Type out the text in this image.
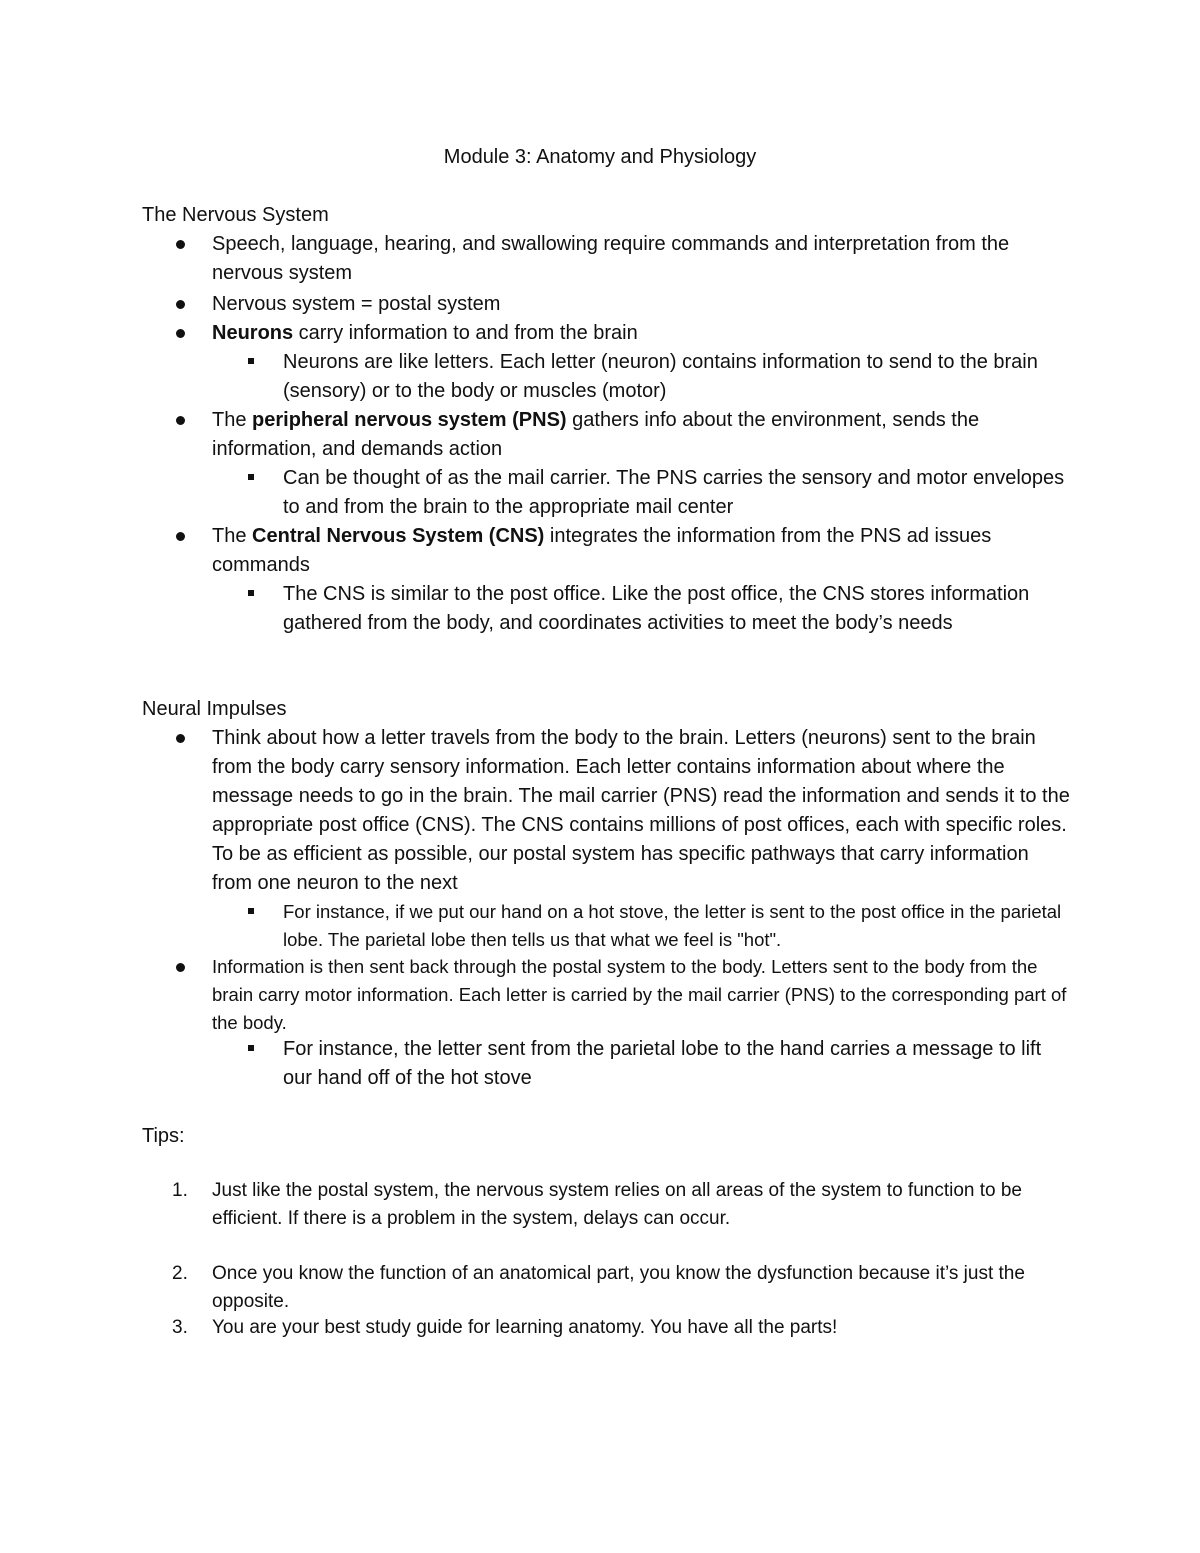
Module 3: Anatomy and Physiology
The Nervous System

Speech, language, hearing, and swallowing require commands and interpretation from the nervous system

Nervous system = postal system

Neurons carry information to and from the brain

Neurons are like letters. Each letter (neuron) contains information to send to the brain (sensory) or to the body or muscles (motor)

The peripheral nervous system (PNS) gathers info about the environment, sends the information, and demands action

Can be thought of as the mail carrier. The PNS carries the sensory and motor envelopes to and from the brain to the appropriate mail center

The Central Nervous System (CNS) integrates the information from the PNS ad issues commands

The CNS is similar to the post office. Like the post office, the CNS stores information gathered from the body, and coordinates activities to meet the body’s needs

Neural Impulses

Think about how a letter travels from the body to the brain. Letters (neurons) sent to the brain from the body carry sensory information. Each letter contains information about where the message needs to go in the brain. The mail carrier (PNS) read the information and sends it to the appropriate post office (CNS). The CNS contains millions of post offices, each with specific roles. To be as efficient as possible, our postal system has specific pathways that carry information from one neuron to the next

For instance, if we put our hand on a hot stove, the letter is sent to the post office in the parietal lobe. The parietal lobe then tells us that what we feel is "hot".

Information is then sent back through the postal system to the body. Letters sent to the body from the brain carry motor information. Each letter is carried by the mail carrier (PNS) to the corresponding part of the body.

For instance, the letter sent from the parietal lobe to the hand carries a message to lift our hand off of the hot stove

Tips:

1. Just like the postal system, the nervous system relies on all areas of the system to function to be efficient. If there is a problem in the system, delays can occur.

2. Once you know the function of an anatomical part, you know the dysfunction because it’s just the opposite.

3. You are your best study guide for learning anatomy. You have all the parts!
